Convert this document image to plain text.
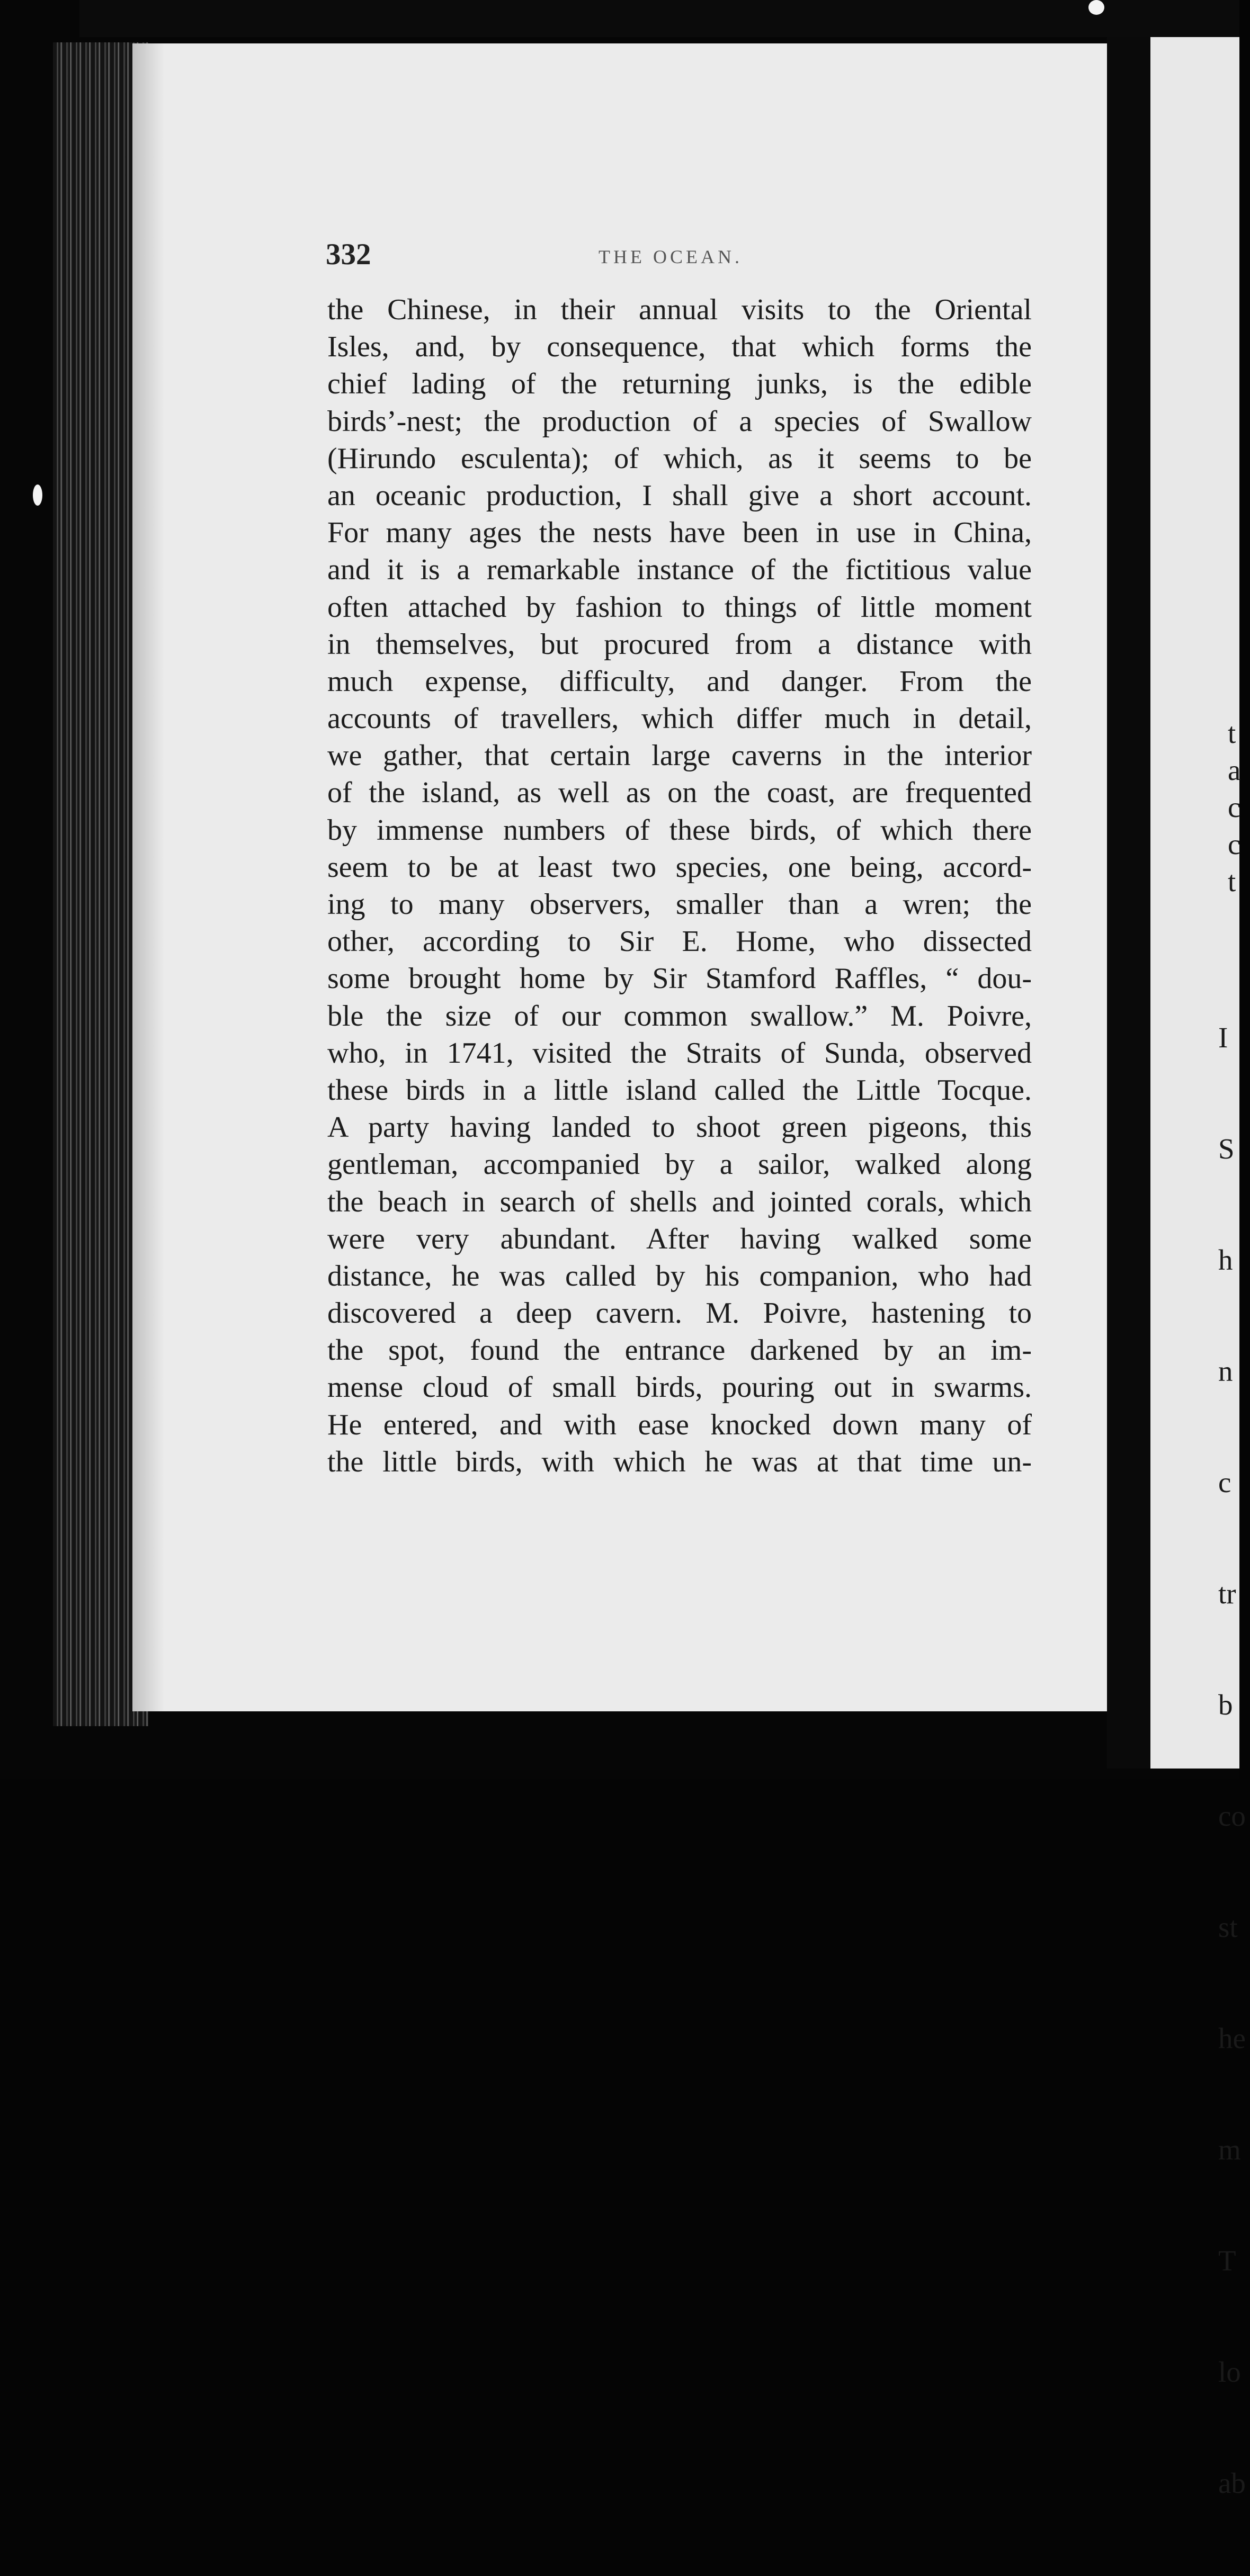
t
a
c
c
t

I

S

h

n

c

tr

b

co

st

he

m

T

lo

ab

332	THE OCEAN.
the Chinese, in their annual visits to the Oriental
Isles, and, by consequence, that which forms the
chief lading of the returning junks, is the edible
birds’-nest; the production of a species of Swallow
(Hirundo esculenta); of which, as it seems to be
an oceanic production, I shall give a short account.
For many ages the nests have been in use in China,
and it is a remarkable instance of the fictitious value
often attached by fashion to things of little moment
in themselves, but procured from a distance with
much expense, difficulty, and danger. From the
accounts of travellers, which differ much in detail,
we gather, that certain large caverns in the interior
of the island, as well as on the coast, are frequented
by immense numbers of these birds, of which there
seem to be at least two species, one being, accord-
ing to many observers, smaller than a wren; the
other, according to Sir E. Home, who dissected
some brought home by Sir Stamford Raffles, “ dou-
ble the size of our common swallow.” M. Poivre,
who, in 1741, visited the Straits of Sunda, observed
these birds in a little island called the Little Tocque.
A party having landed to shoot green pigeons, this
gentleman, accompanied by a sailor, walked along
the beach in search of shells and jointed corals, which
were very abundant. After having walked some
distance, he was called by his companion, who had
discovered a deep cavern. M. Poivre, hastening to
the spot, found the entrance darkened by an im-
mense cloud of small birds, pouring out in swarms.
He entered, and with ease knocked down many of
the little birds, with which he was at that time un-
